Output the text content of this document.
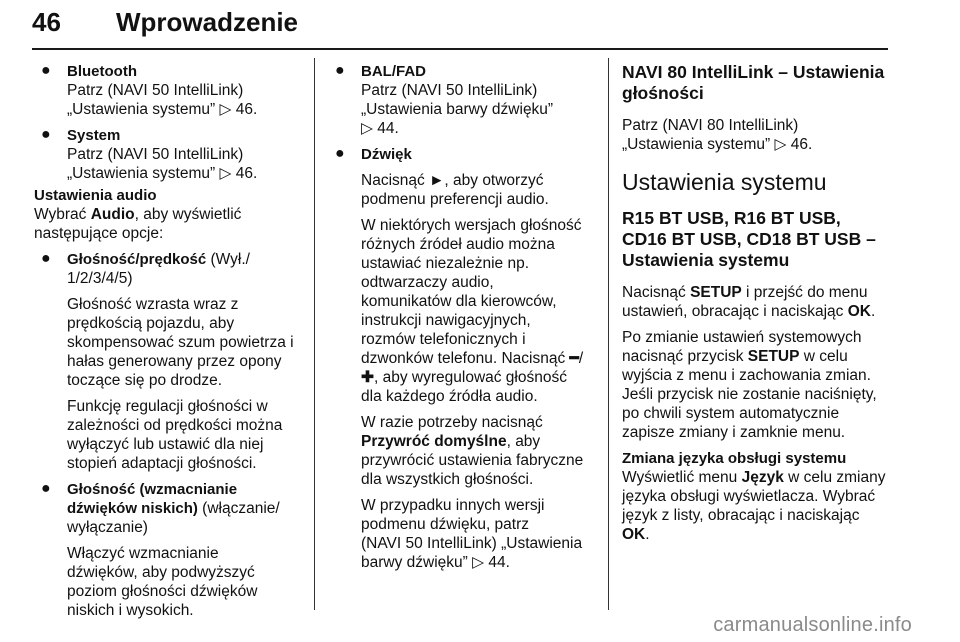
46 Wprowadzenie
● Bluetooth

Patrz (NAVI 50 IntelliLink)

„Ustawienia systemu” ▷ 46.

● System

Patrz (NAVI 50 IntelliLink)

„Ustawienia systemu” ▷ 46.

Ustawienia audio

Wybrać Audio, aby wyświetlić

następujące opcje:

● Głośność/prędkość (Wył./

1/2/3/4/5)

Głośność wzrasta wraz z

prędkością pojazdu, aby

skompensować szum powietrza i

hałas generowany przez opony

toczące się po drodze.

Funkcję regulacji głośności w

zależności od prędkości można

wyłączyć lub ustawić dla niej

stopień adaptacji głośności.

● Głośność (wzmacnianie

dźwięków niskich) (włączanie/

wyłączanie)

Włączyć wzmacnianie

dźwięków, aby podwyższyć

poziom głośności dźwięków

niskich i wysokich.

● BAL/FAD

Patrz (NAVI 50 IntelliLink)

„Ustawienia barwy dźwięku”

▷ 44.

● Dźwięk

Nacisnąć ►, aby otworzyć

podmenu preferencji audio.

W niektórych wersjach głośność

różnych źródeł audio można

ustawiać niezależnie np.

odtwarzaczy audio,

komunikatów dla kierowców,

instrukcji nawigacyjnych,

rozmów telefonicznych i

dzwonków telefonu. Nacisnąć ━/

✚, aby wyregulować głośność

dla każdego źródła audio.

W razie potrzeby nacisnąć

Przywróć domyślne, aby

przywrócić ustawienia fabryczne

dla wszystkich głośności.

W przypadku innych wersji

podmenu dźwięku, patrz

(NAVI 50 IntelliLink) „Ustawienia

barwy dźwięku” ▷ 44.

NAVI 80 IntelliLink – Ustawienia

głośności

Patrz (NAVI 80 IntelliLink)

„Ustawienia systemu” ▷ 46.

Ustawienia systemu

R15 BT USB, R16 BT USB,

CD16 BT USB, CD18 BT USB –

Ustawienia systemu

Nacisnąć SETUP i przejść do menu

ustawień, obracając i naciskając OK.

Po zmianie ustawień systemowych

nacisnąć przycisk SETUP w celu

wyjścia z menu i zachowania zmian.

Jeśli przycisk nie zostanie naciśnięty,

po chwili system automatycznie

zapisze zmiany i zamknie menu.

Zmiana języka obsługi systemu

Wyświetlić menu Język w celu zmiany

języka obsługi wyświetlacza. Wybrać

język z listy, obracając i naciskając

OK.

carmanualsonline.info
